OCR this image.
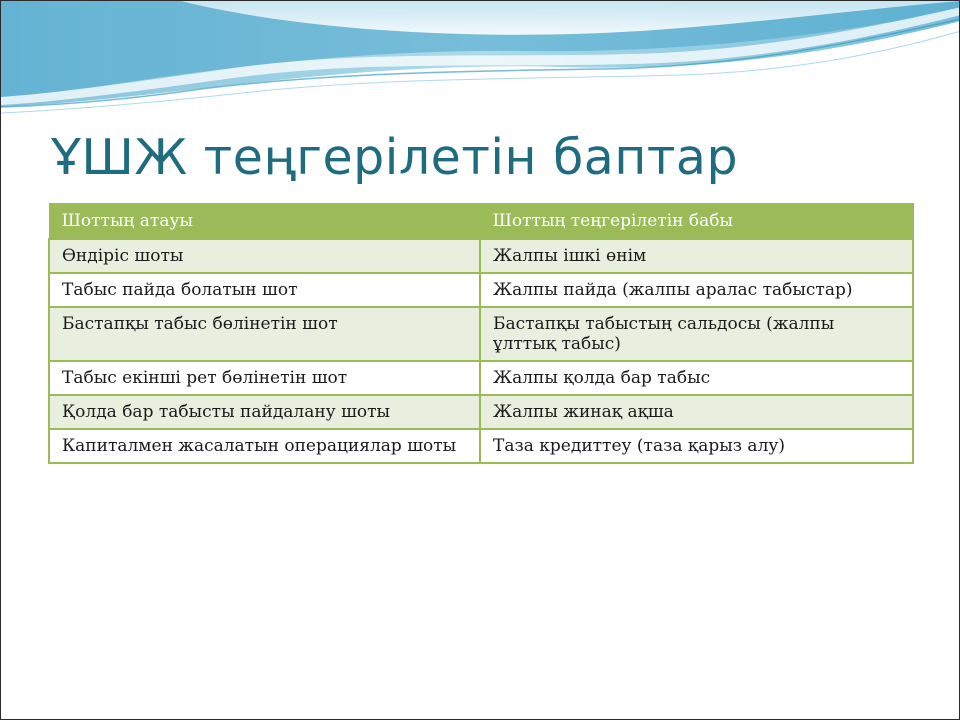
ҰШЖ теңгерілетін баптар
Шоттың атауы	Шоттың теңгерілетін бабы
Өндіріс шоты	Жалпы ішкі өнім
Табыс пайда болатын шот	Жалпы пайда (жалпы аралас табыстар)
Бастапқы табыс бөлінетін шот	Бастапқы табыстың сальдосы (жалпы ұлттық табыс)
Табыс екінші рет бөлінетін шот	Жалпы қолда бар табыс
Қолда бар табысты пайдалану шоты	Жалпы жинақ ақша
Капиталмен жасалатын операциялар шоты	Таза кредиттеу (таза қарыз алу)
